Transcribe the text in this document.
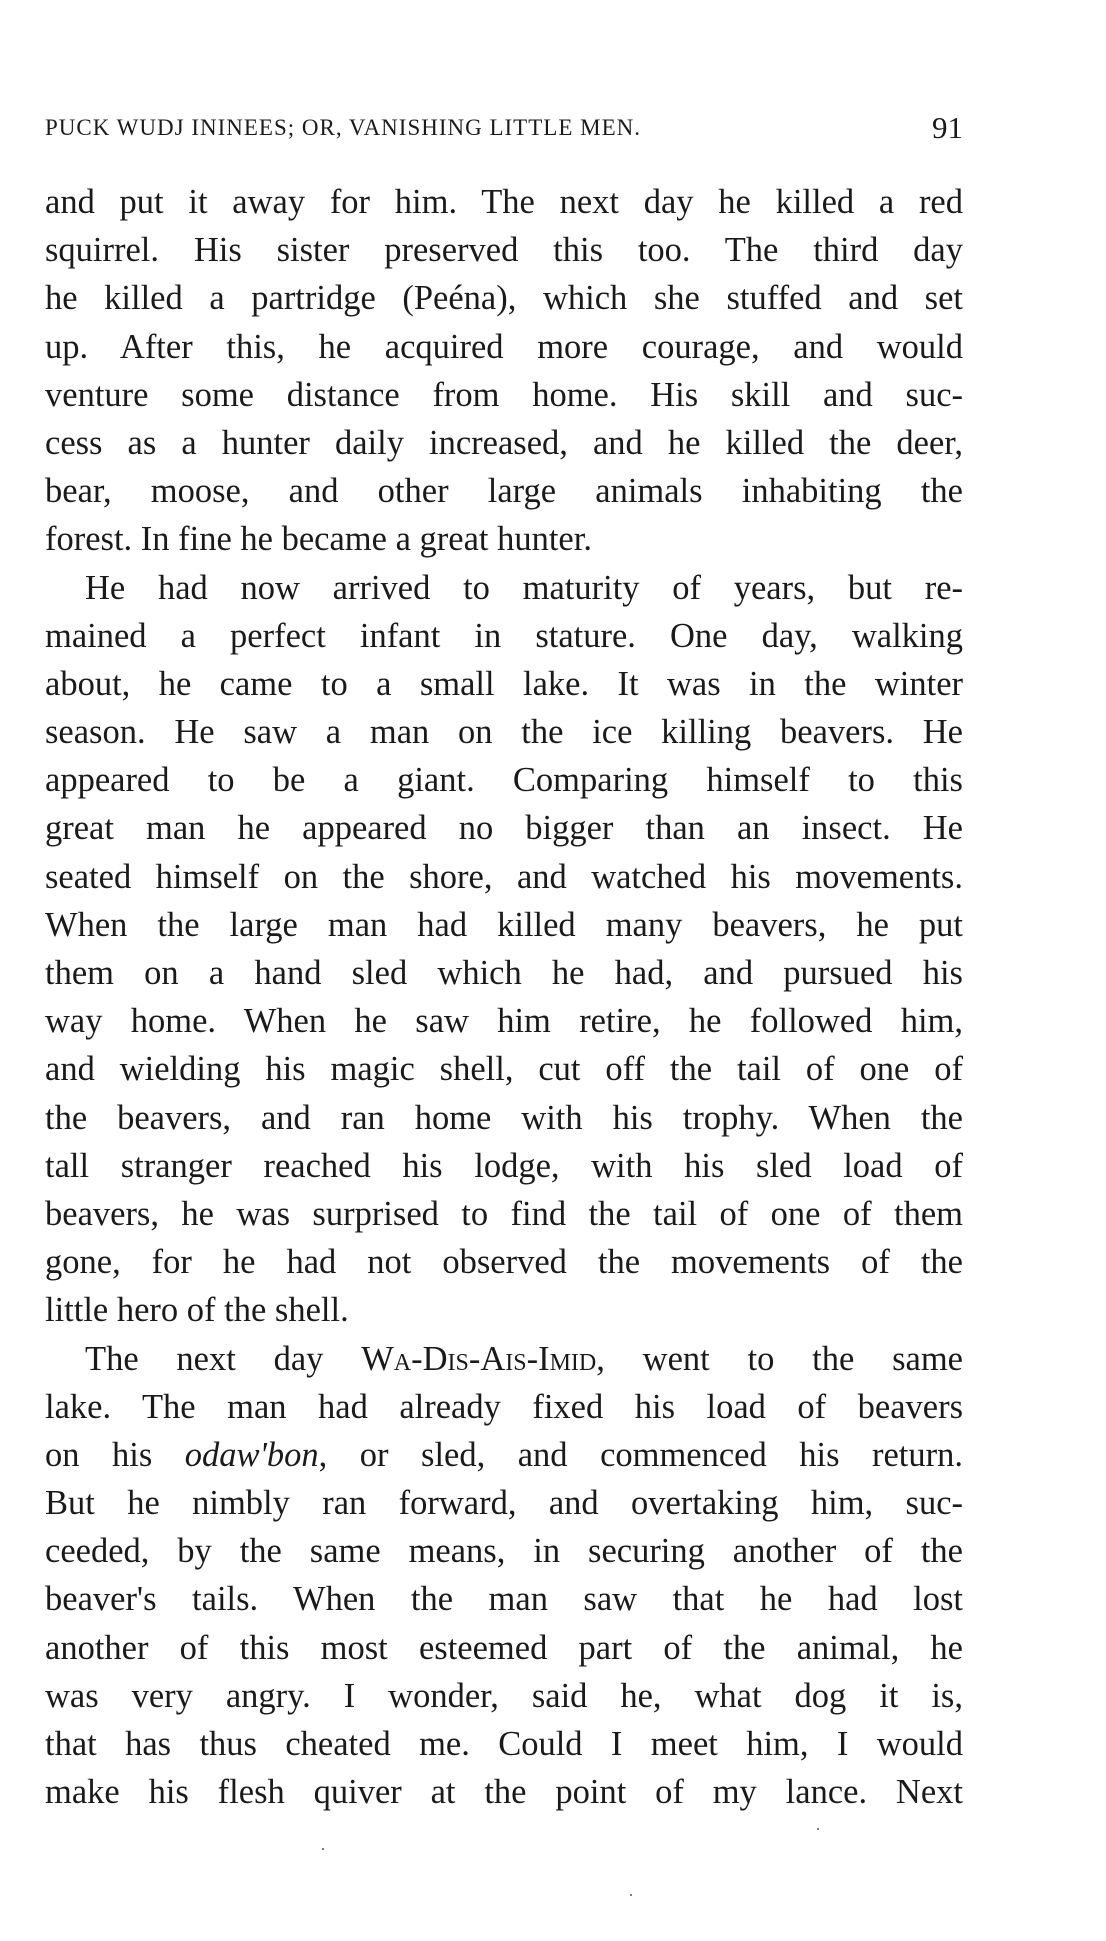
PUCK WUDJ ININEES; OR, VANISHING LITTLE MEN.	91
and put it away for him. The next day he killed a red
squirrel. His sister preserved this too. The third day
he killed a partridge (Peéna), which she stuffed and set
up. After this, he acquired more courage, and would
venture some distance from home. His skill and suc-
cess as a hunter daily increased, and he killed the deer,
bear, moose, and other large animals inhabiting the
forest. In fine he became a great hunter.
He had now arrived to maturity of years, but re-
mained a perfect infant in stature. One day, walking
about, he came to a small lake. It was in the winter
season. He saw a man on the ice killing beavers. He
appeared to be a giant. Comparing himself to this
great man he appeared no bigger than an insect. He
seated himself on the shore, and watched his movements.
When the large man had killed many beavers, he put
them on a hand sled which he had, and pursued his
way home. When he saw him retire, he followed him,
and wielding his magic shell, cut off the tail of one of
the beavers, and ran home with his trophy. When the
tall stranger reached his lodge, with his sled load of
beavers, he was surprised to find the tail of one of them
gone, for he had not observed the movements of the
little hero of the shell.
The next day Wa-Dis-Ais-Imid, went to the same
lake. The man had already fixed his load of beavers
on his odaw'bon, or sled, and commenced his return.
But he nimbly ran forward, and overtaking him, suc-
ceeded, by the same means, in securing another of the
beaver's tails. When the man saw that he had lost
another of this most esteemed part of the animal, he
was very angry. I wonder, said he, what dog it is,
that has thus cheated me. Could I meet him, I would
make his flesh quiver at the point of my lance. Next
